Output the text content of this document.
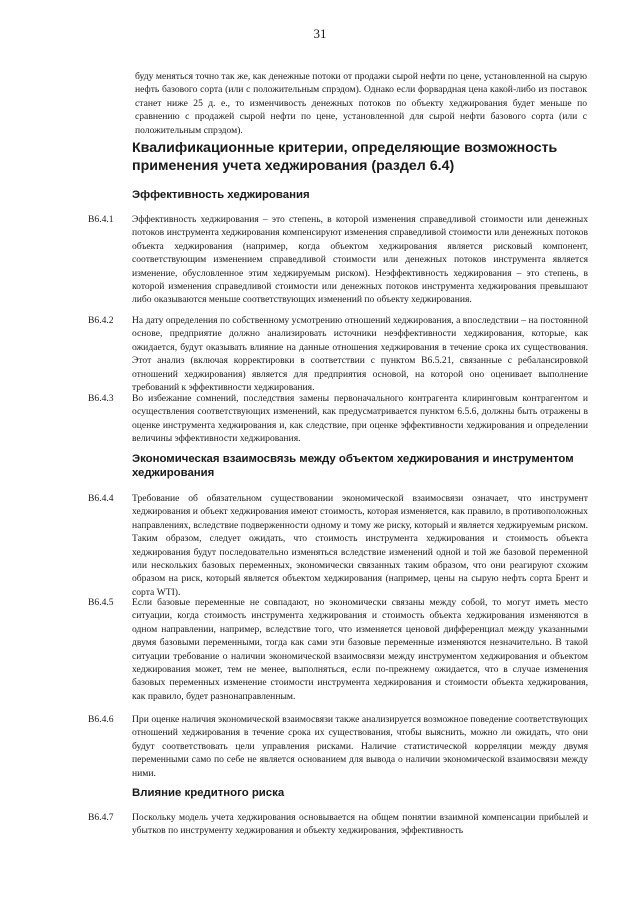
31
буду меняться точно так же, как денежные потоки от продажи сырой нефти по цене, установленной на сырую нефть базового сорта (или с положительным спрэдом). Однако если форвардная цена какой-либо из поставок станет ниже 25 д. е., то изменчивость денежных потоков по объекту хеджирования будет меньше по сравнению с продажей сырой нефти по цене, установленной для сырой нефти базового сорта (или с положительным спрэдом).
Квалификационные критерии, определяющие возможность применения учета хеджирования (раздел 6.4)
Эффективность хеджирования
B6.4.1	Эффективность хеджирования – это степень, в которой изменения справедливой стоимости или денежных потоков инструмента хеджирования компенсируют изменения справедливой стоимости или денежных потоков объекта хеджирования (например, когда объектом хеджирования является рисковый компонент, соответствующим изменением справедливой стоимости или денежных потоков инструмента является изменение, обусловленное этим хеджируемым риском). Неэффективность хеджирования – это степень, в которой изменения справедливой стоимости или денежных потоков инструмента хеджирования превышают либо оказываются меньше соответствующих изменений по объекту хеджирования.
B6.4.2	На дату определения по собственному усмотрению отношений хеджирования, а впоследствии – на постоянной основе, предприятие должно анализировать источники неэффективности хеджирования, которые, как ожидается, будут оказывать влияние на данные отношения хеджирования в течение срока их существования. Этот анализ (включая корректировки в соответствии с пунктом B6.5.21, связанные с ребалансировкой отношений хеджирования) является для предприятия основой, на которой оно оценивает выполнение требований к эффективности хеджирования.
B6.4.3	Во избежание сомнений, последствия замены первоначального контрагента клиринговым контрагентом и осуществления соответствующих изменений, как предусматривается пунктом 6.5.6, должны быть отражены в оценке инструмента хеджирования и, как следствие, при оценке эффективности хеджирования и определении величины эффективности хеджирования.
Экономическая взаимосвязь между объектом хеджирования и инструментом хеджирования
B6.4.4	Требование об обязательном существовании экономической взаимосвязи означает, что инструмент хеджирования и объект хеджирования имеют стоимость, которая изменяется, как правило, в противоположных направлениях, вследствие подверженности одному и тому же риску, который и является хеджируемым риском. Таким образом, следует ожидать, что стоимость инструмента хеджирования и стоимость объекта хеджирования будут последовательно изменяться вследствие изменений одной и той же базовой переменной или нескольких базовых переменных, экономически связанных таким образом, что они реагируют схожим образом на риск, который является объектом хеджирования (например, цены на сырую нефть сорта Брент и сорта WTI).
B6.4.5	Если базовые переменные не совпадают, но экономически связаны между собой, то могут иметь место ситуации, когда стоимость инструмента хеджирования и стоимость объекта хеджирования изменяются в одном направлении, например, вследствие того, что изменяется ценовой дифференциал между указанными двумя базовыми переменными, тогда как сами эти базовые переменные изменяются незначительно. В такой ситуации требование о наличии экономической взаимосвязи между инструментом хеджирования и объектом хеджирования может, тем не менее, выполняться, если по-прежнему ожидается, что в случае изменения базовых переменных изменение стоимости инструмента хеджирования и стоимости объекта хеджирования, как правило, будет разнонаправленным.
B6.4.6	При оценке наличия экономической взаимосвязи также анализируется возможное поведение соответствующих отношений хеджирования в течение срока их существования, чтобы выяснить, можно ли ожидать, что они будут соответствовать цели управления рисками. Наличие статистической корреляции между двумя переменными само по себе не является основанием для вывода о наличии экономической взаимосвязи между ними.
Влияние кредитного риска
B6.4.7	Поскольку модель учета хеджирования основывается на общем понятии взаимной компенсации прибылей и убытков по инструменту хеджирования и объекту хеджирования, эффективность
